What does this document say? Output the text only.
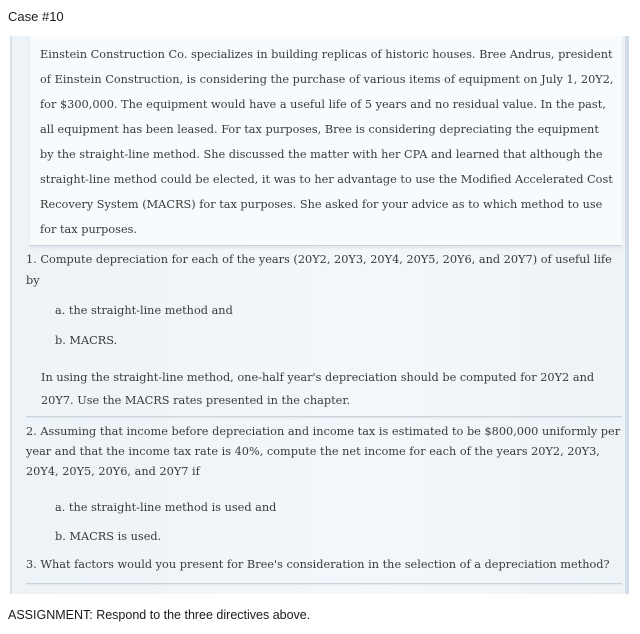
Case #10

Einstein Construction Co. specializes in building replicas of historic houses. Bree Andrus, president of Einstein Construction, is considering the purchase of various items of equipment on July 1, 20Y2, for $300,000. The equipment would have a useful life of 5 years and no residual value. In the past, all equipment has been leased. For tax purposes, Bree is considering depreciating the equipment by the straight-line method. She discussed the matter with her CPA and learned that although the straight-line method could be elected, it was to her advantage to use the Modified Accelerated Cost Recovery System (MACRS) for tax purposes. She asked for your advice as to which method to use for tax purposes.

1. Compute depreciation for each of the years (20Y2, 20Y3, 20Y4, 20Y5, 20Y6, and 20Y7) of useful life by
a. the straight-line method and
b. MACRS.
In using the straight-line method, one-half year's depreciation should be computed for 20Y2 and 20Y7. Use the MACRS rates presented in the chapter.
2. Assuming that income before depreciation and income tax is estimated to be $800,000 uniformly per year and that the income tax rate is 40%, compute the net income for each of the years 20Y2, 20Y3, 20Y4, 20Y5, 20Y6, and 20Y7 if
a. the straight-line method is used and
b. MACRS is used.
3. What factors would you present for Bree's consideration in the selection of a depreciation method?
ASSIGNMENT: Respond to the three directives above.
